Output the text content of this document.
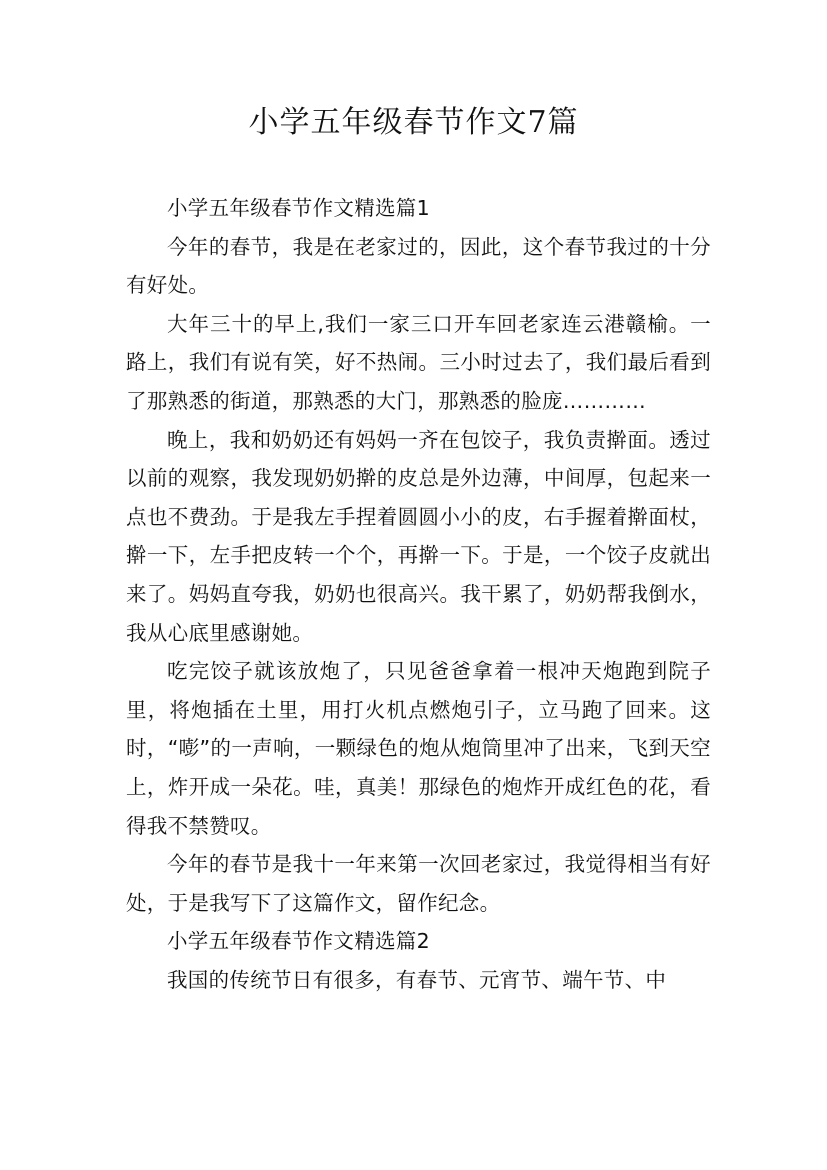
小学五年级春节作文7篇

小学五年级春节作文精选篇1

今年的春节，我是在老家过的，因此，这个春节我过的十分有好处。

大年三十的早上,我们一家三口开车回老家连云港赣榆。一路上，我们有说有笑，好不热闹。三小时过去了，我们最后看到了那熟悉的街道，那熟悉的大门，那熟悉的脸庞…………

晚上，我和奶奶还有妈妈一齐在包饺子，我负责擀面。透过以前的观察，我发现奶奶擀的皮总是外边薄，中间厚，包起来一点也不费劲。于是我左手捏着圆圆小小的皮，右手握着擀面杖，擀一下，左手把皮转一个个，再擀一下。于是，一个饺子皮就出来了。妈妈直夸我，奶奶也很高兴。我干累了，奶奶帮我倒水，我从心底里感谢她。

吃完饺子就该放炮了，只见爸爸拿着一根冲天炮跑到院子里，将炮插在土里，用打火机点燃炮引子，立马跑了回来。这时，“嘭”的一声响，一颗绿色的炮从炮筒里冲了出来，飞到天空上，炸开成一朵花。哇，真美！那绿色的炮炸开成红色的花，看得我不禁赞叹。

今年的春节是我十一年来第一次回老家过，我觉得相当有好处，于是我写下了这篇作文，留作纪念。

小学五年级春节作文精选篇2

我国的传统节日有很多，有春节、元宵节、端午节、中
